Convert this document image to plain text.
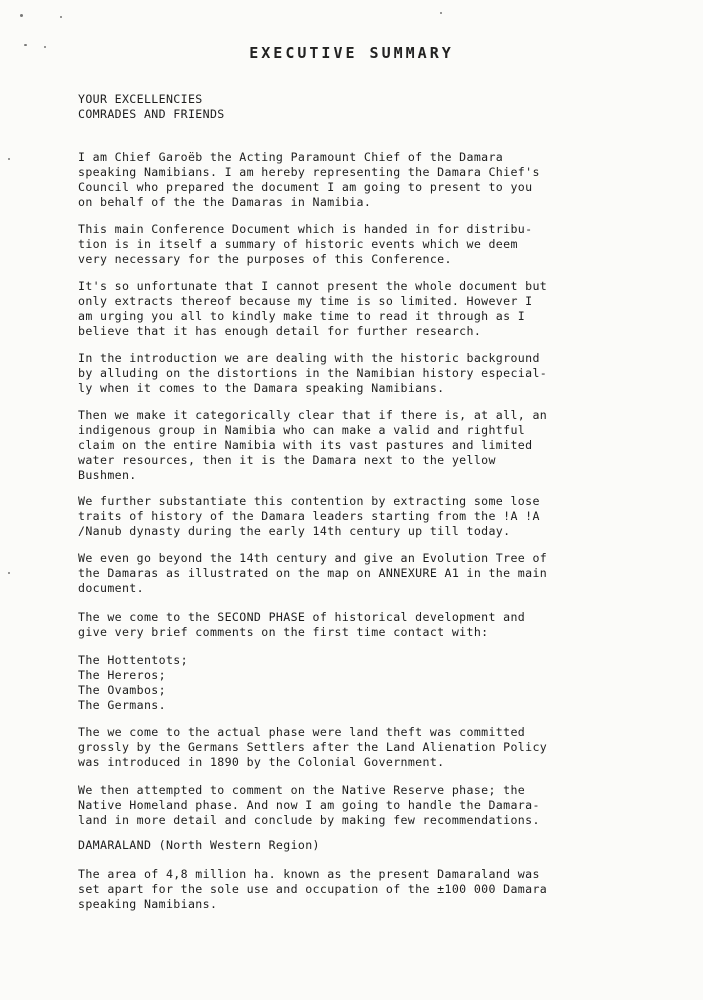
EXECUTIVE SUMMARY
YOUR EXCELLENCIES
COMRADES AND FRIENDS
I am Chief Garoëb the Acting Paramount Chief of the Damara
speaking Namibians. I am hereby representing the Damara Chief's
Council who prepared the document I am going to present to you
on behalf of the the Damaras in Namibia.
This main Conference Document which is handed in for distribu-
tion is in itself a summary of historic events which we deem
very necessary for the purposes of this Conference.
It's so unfortunate that I cannot present the whole document but
only extracts thereof because my time is so limited. However I
am urging you all to kindly make time to read it through as I
believe that it has enough detail for further research.
In the introduction we are dealing with the historic background
by alluding on the distortions in the Namibian history especial-
ly when it comes to the Damara speaking Namibians.
Then we make it categorically clear that if there is, at all, an
indigenous group in Namibia who can make a valid and rightful
claim on the entire Namibia with its vast pastures and limited
water resources, then it is the Damara next to the yellow
Bushmen.
We further substantiate this contention by extracting some lose
traits of history of the Damara leaders starting from the !A !A
/Nanub dynasty during the early 14th century up till today.
We even go beyond the 14th century and give an Evolution Tree of
the Damaras as illustrated on the map on ANNEXURE A1 in the main
document.
The we come to the SECOND PHASE of historical development and
give very brief comments on the first time contact with:
The Hottentots;
The Hereros;
The Ovambos;
The Germans.
The we come to the actual phase were land theft was committed
grossly by the Germans Settlers after the Land Alienation Policy
was introduced in 1890 by the Colonial Government.
We then attempted to comment on the Native Reserve phase; the
Native Homeland phase. And now I am going to handle the Damara-
land in more detail and conclude by making few recommendations.
DAMARALAND (North Western Region)
The area of 4,8 million ha. known as the present Damaraland was
set apart for the sole use and occupation of the ±100 000 Damara
speaking Namibians.
